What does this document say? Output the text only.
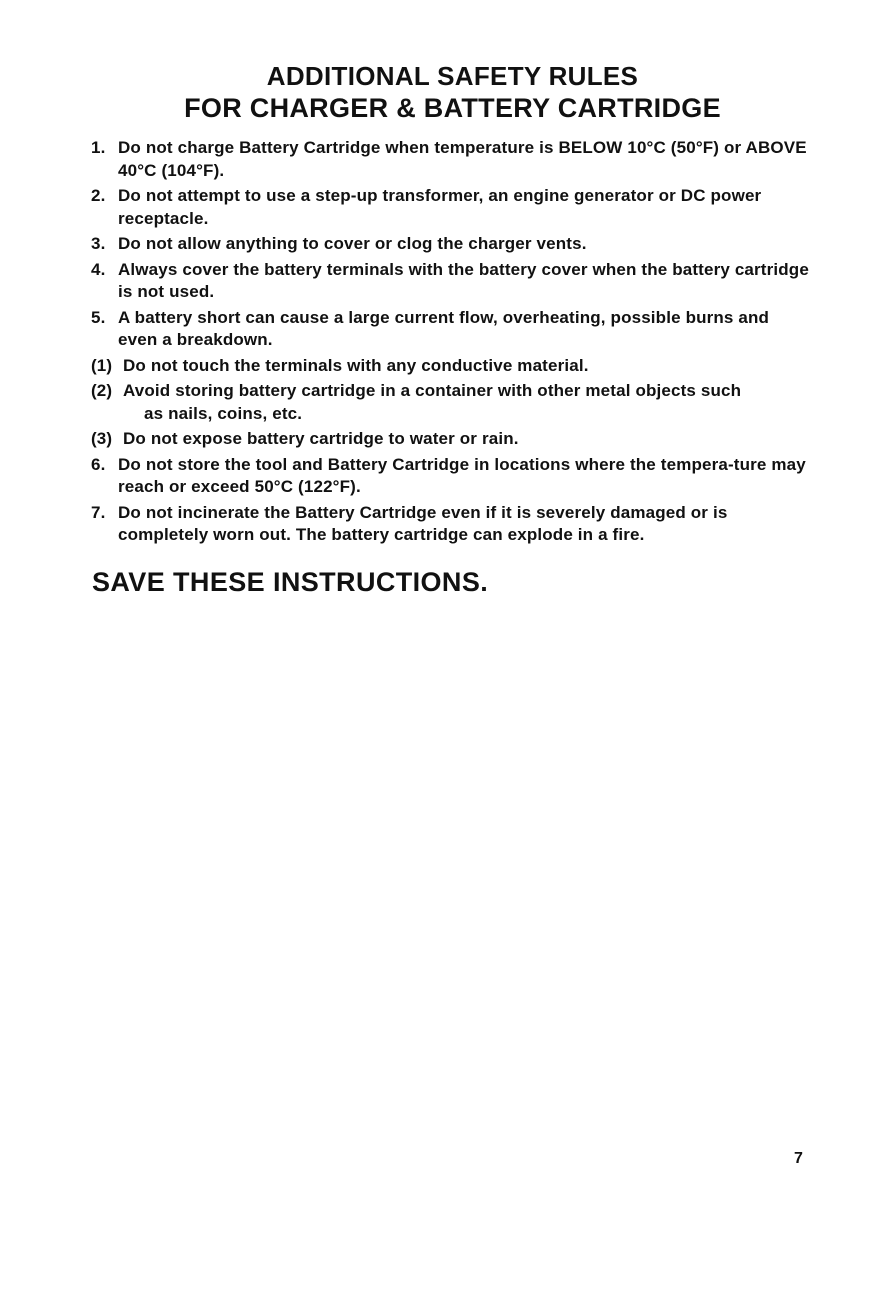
ADDITIONAL SAFETY RULES
FOR CHARGER & BATTERY CARTRIDGE
1. Do not charge Battery Cartridge when temperature is BELOW 10°C (50°F) or ABOVE 40°C (104°F).
2. Do not attempt to use a step-up transformer, an engine generator or DC power receptacle.
3. Do not allow anything to cover or clog the charger vents.
4. Always cover the battery terminals with the battery cover when the battery cartridge is not used.
5. A battery short can cause a large current flow, overheating, possible burns and even a breakdown.
(1) Do not touch the terminals with any conductive material.
(2) Avoid storing battery cartridge in a container with other metal objects such
as nails, coins, etc.
(3) Do not expose battery cartridge to water or rain.
6. Do not store the tool and Battery Cartridge in locations where the tempera-ture may reach or exceed 50°C (122°F).
7. Do not incinerate the Battery Cartridge even if it is severely damaged or is completely worn out. The battery cartridge can explode in a fire.
SAVE THESE INSTRUCTIONS.
7
